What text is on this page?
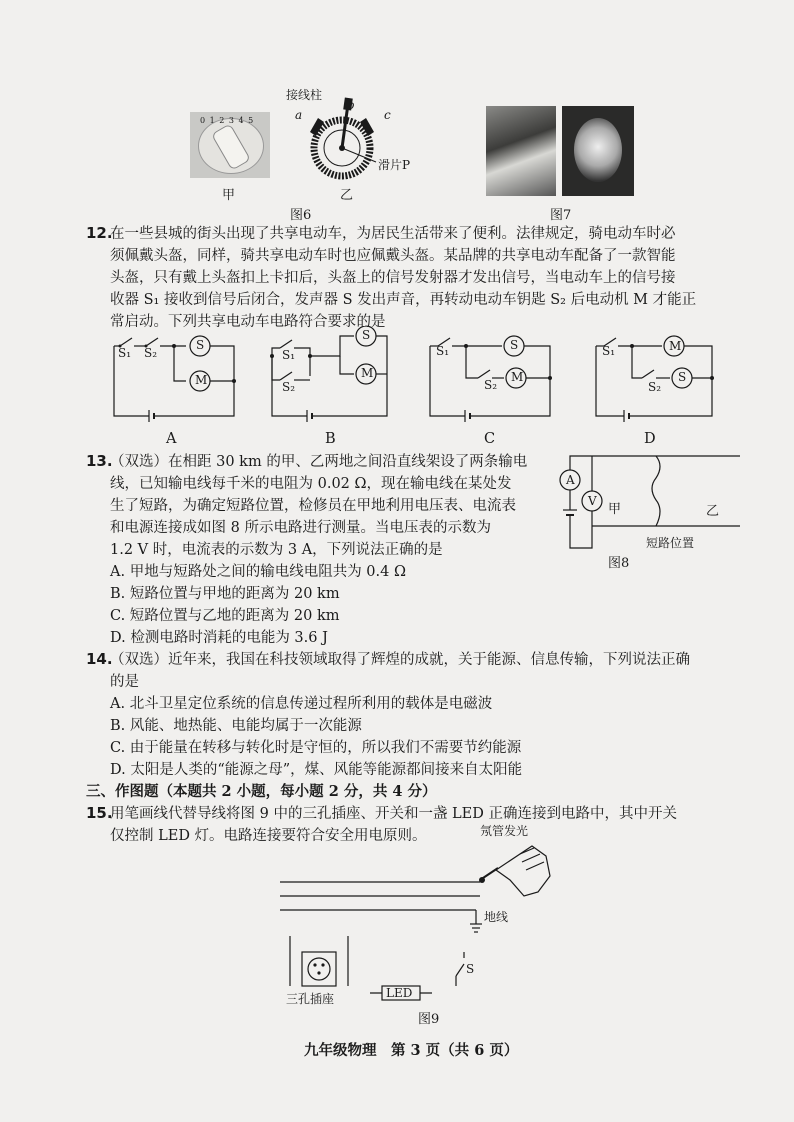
0 1 2 3 4 5
甲
接线柱
a
b
c
滑片P
乙
图6	图7
12.
在一些县城的街头出现了共享电动车，为居民生活带来了便利。法律规定，骑电动车时必
须佩戴头盔，同样，骑共享电动车时也应佩戴头盔。某品牌的共享电动车配备了一款智能
头盔，只有戴上头盔扣上卡扣后，头盔上的信号发射器才发出信号，当电动车上的信号接
收器 S₁ 接收到信号后闭合，发声器 S 发出声音，再转动电动车钥匙 S₂ 后电动机 M 才能正
常启动。下列共享电动车电路符合要求的是
S₁ S₂
S
M
A
S₁
S₂
S
M
B
S₁
S₂
S
M
C
S₁
S₂
M
S
D
13.
（双选）在相距 30 km 的甲、乙两地之间沿直线架设了两条输电
线，已知输电线每千米的电阻为 0.02 Ω，现在输电线在某处发
生了短路，为确定短路位置，检修员在甲地利用电压表、电流表
和电源连接成如图 8 所示电路进行测量。当电压表的示数为
1.2 V 时，电流表的示数为 3 A，下列说法正确的是
A. 甲地与短路处之间的输电线电阻共为 0.4 Ω
B. 短路位置与甲地的距离为 20 km
C. 短路位置与乙地的距离为 20 km
D. 检测电路时消耗的电能为 3.6 J
A
V
甲	乙
短路位置
图8
14.
（双选）近年来，我国在科技领域取得了辉煌的成就，关于能源、信息传输，下列说法正确
的是
A. 北斗卫星定位系统的信息传递过程所利用的载体是电磁波
B. 风能、地热能、电能均属于一次能源
C. 由于能量在转移与转化时是守恒的，所以我们不需要节约能源
D. 太阳是人类的“能源之母”，煤、风能等能源都间接来自太阳能
三、作图题（本题共 2 小题，每小题 2 分，共 4 分）
15.
用笔画线代替导线将图 9 中的三孔插座、开关和一盏 LED 正确连接到电路中，其中开关
仅控制 LED 灯。电路连接要符合安全用电原则。	氖管发光
地线
三孔插座	LED
S
图9
九年级物理　第 3 页（共 6 页）
